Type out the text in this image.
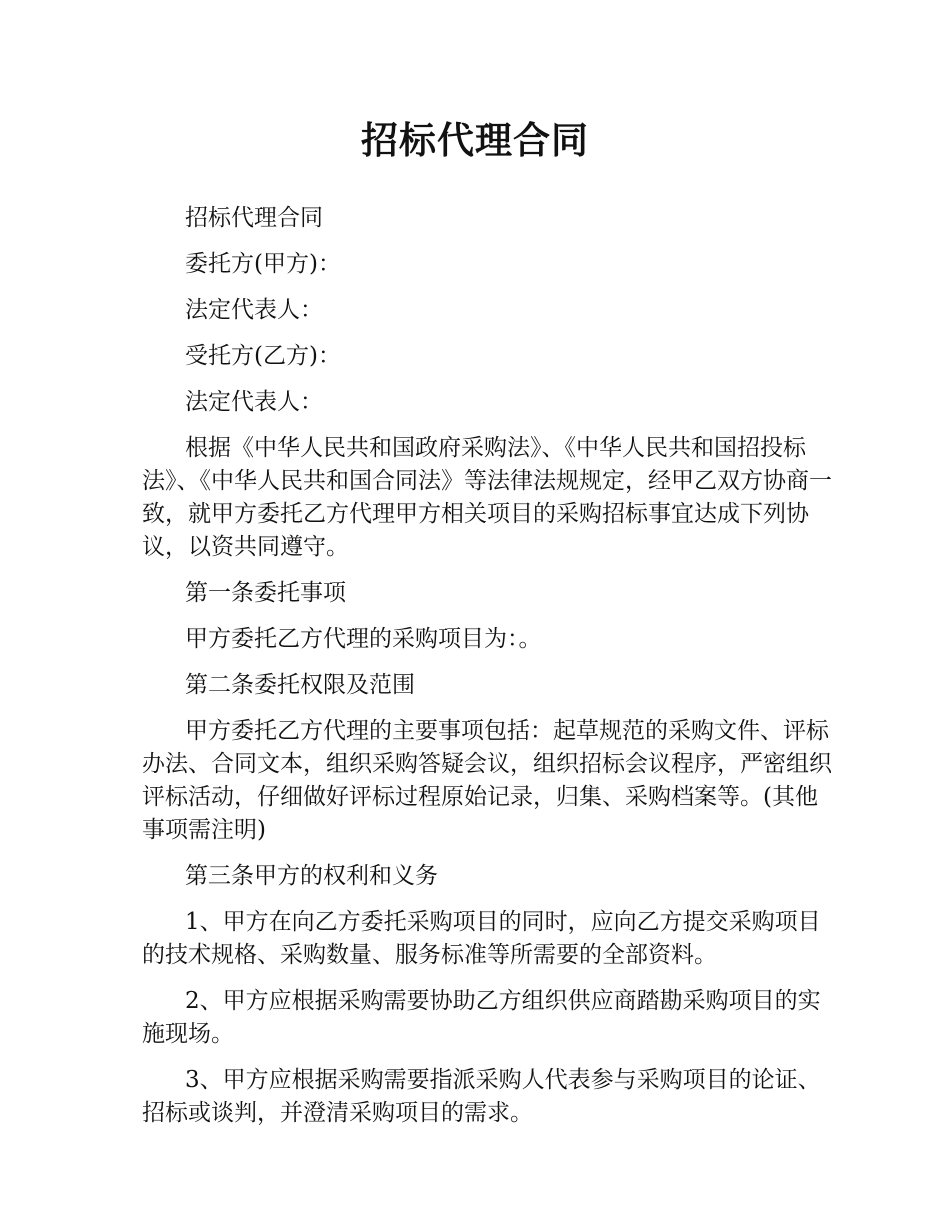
招标代理合同

招标代理合同

委托方(甲方)：

法定代表人：

受托方(乙方)：

法定代表人：

根据《中华人民共和国政府采购法》、《中华人民共和国招投标法》、《中华人民共和国合同法》等法律法规规定，经甲乙双方协商一致，就甲方委托乙方代理甲方相关项目的采购招标事宜达成下列协议，以资共同遵守。

第一条委托事项

甲方委托乙方代理的采购项目为：。

第二条委托权限及范围

甲方委托乙方代理的主要事项包括：起草规范的采购文件、评标办法、合同文本，组织采购答疑会议，组织招标会议程序，严密组织评标活动，仔细做好评标过程原始记录，归集、采购档案等。(其他事项需注明)

第三条甲方的权利和义务

1、甲方在向乙方委托采购项目的同时，应向乙方提交采购项目的技术规格、采购数量、服务标准等所需要的全部资料。

2、甲方应根据采购需要协助乙方组织供应商踏勘采购项目的实施现场。

3、甲方应根据采购需要指派采购人代表参与采购项目的论证、招标或谈判，并澄清采购项目的需求。
